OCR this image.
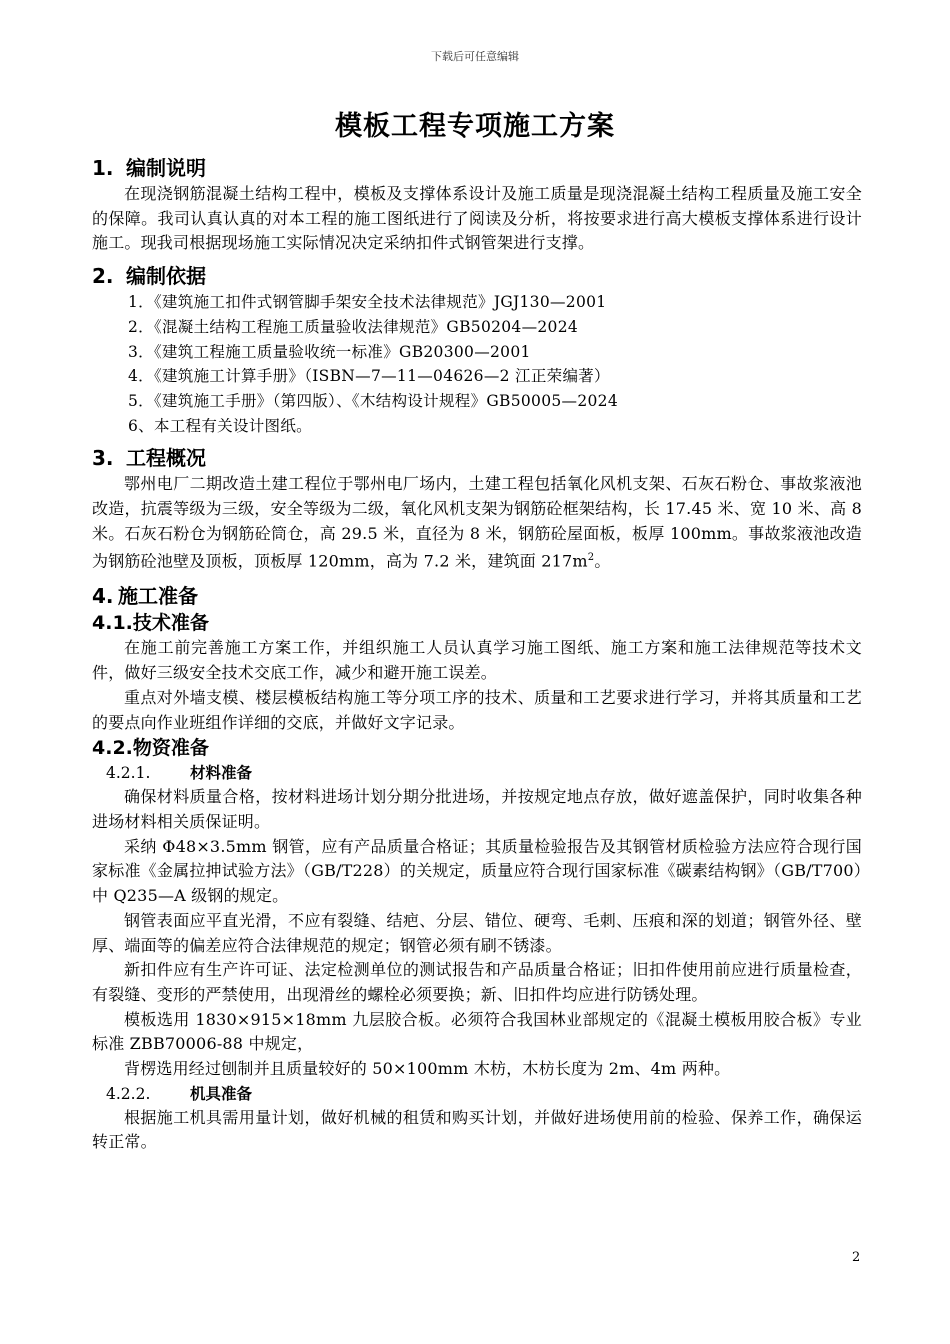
下载后可任意编辑
模板工程专项施工方案
1. 编制说明

在现浇钢筋混凝土结构工程中，模板及支撑体系设计及施工质量是现浇混凝土结构工程质量及施工安全的保障。我司认真认真的对本工程的施工图纸进行了阅读及分析，将按要求进行高大模板支撑体系进行设计施工。现我司根据现场施工实际情况决定采纳扣件式钢管架进行支撑。

2. 编制依据
1．《建筑施工扣件式钢管脚手架安全技术法律规范》JGJ130—2001
2．《混凝土结构工程施工质量验收法律规范》GB50204—2024
3．《建筑工程施工质量验收统一标准》GB20300—2001
4．《建筑施工计算手册》（ISBN—7—11—04626—2 江正荣编著）
5．《建筑施工手册》（第四版）、《木结构设计规程》GB50005—2024
6、本工程有关设计图纸。
3. 工程概况

鄂州电厂二期改造土建工程位于鄂州电厂场内，土建工程包括氧化风机支架、石灰石粉仓、事故浆液池改造，抗震等级为三级，安全等级为二级，氧化风机支架为钢筋砼框架结构，长 17.45 米、宽 10 米、高 8 米。石灰石粉仓为钢筋砼筒仓，高 29.5 米，直径为 8 米，钢筋砼屋面板，板厚 100mm。事故浆液池改造为钢筋砼池壁及顶板，顶板厚 120mm，高为 7.2 米，建筑面 $217m^2$。

4. 施工准备
4.1.技术准备

在施工前完善施工方案工作，并组织施工人员认真学习施工图纸、施工方案和施工法律规范等技术文件，做好三级安全技术交底工作，减少和避开施工误差。

重点对外墙支模、楼层模板结构施工等分项工序的技术、质量和工艺要求进行学习，并将其质量和工艺的要点向作业班组作详细的交底，并做好文字记录。

4.2.物资准备
4.2.1.	材料准备

确保材料质量合格，按材料进场计划分期分批进场，并按规定地点存放，做好遮盖保护，同时收集各种进场材料相关质保证明。

采纳 Φ48×3.5mm 钢管，应有产品质量合格证；其质量检验报告及其钢管材质检验方法应符合现行国家标准《金属拉抻试验方法》（GB/T228）的关规定，质量应符合现行国家标准《碳素结构钢》（GB/T700）中 Q235—A 级钢的规定。

钢管表面应平直光滑，不应有裂缝、结疤、分层、错位、硬弯、毛刺、压痕和深的划道；钢管外径、壁厚、端面等的偏差应符合法律规范的规定；钢管必须有刷不锈漆。

新扣件应有生产许可证、法定检测单位的测试报告和产品质量合格证；旧扣件使用前应进行质量检查，有裂缝、变形的严禁使用，出现滑丝的螺栓必须要换；新、旧扣件均应进行防锈处理。

模板选用 1830×915×18mm 九层胶合板。必须符合我国林业部规定的《混凝土模板用胶合板》专业标准 ZBB70006-88 中规定，

背楞选用经过刨制并且质量较好的 50×100mm 木枋，木枋长度为 2m、4m 两种。

4.2.2.	机具准备

根据施工机具需用量计划，做好机械的租赁和购买计划，并做好进场使用前的检验、保养工作，确保运转正常。

2
